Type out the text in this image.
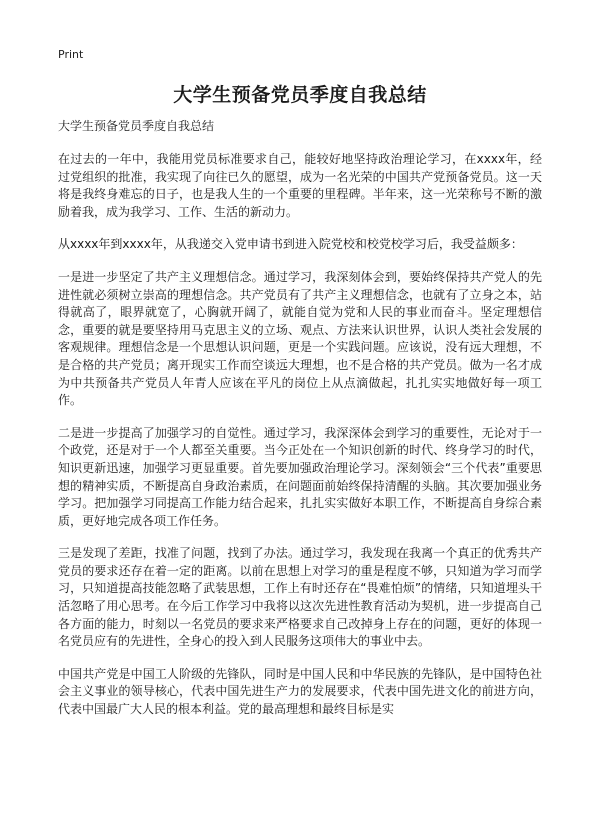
Print
大学生预备党员季度自我总结

大学生预备党员季度自我总结

在过去的一年中，我能用党员标准要求自己，能较好地坚持政治理论学习，在xxxx年，经过党组织的批准，我实现了向往已久的愿望，成为一名光荣的中国共产党预备党员。这一天将是我终身难忘的日子，也是我人生的一个重要的里程碑。半年来，这一光荣称号不断的激励着我，成为我学习、工作、生活的新动力。

从xxxx年到xxxx年，从我递交入党申请书到进入院党校和校党校学习后，我受益颇多：

一是进一步坚定了共产主义理想信念。通过学习，我深刻体会到，要始终保持共产党人的先进性就必须树立崇高的理想信念。共产党员有了共产主义理想信念，也就有了立身之本，站得就高了，眼界就宽了，心胸就开阔了，就能自觉为党和人民的事业而奋斗。坚定理想信念，重要的就是要坚持用马克思主义的立场、观点、方法来认识世界，认识人类社会发展的客观规律。理想信念是一个思想认识问题，更是一个实践问题。应该说，没有远大理想，不是合格的共产党员；离开现实工作而空谈远大理想，也不是合格的共产党员。做为一名才成为中共预备共产党员人年青人应该在平凡的岗位上从点滴做起，扎扎实实地做好每一项工作。

二是进一步提高了加强学习的自觉性。通过学习，我深深体会到学习的重要性，无论对于一个政党，还是对于一个人都至关重要。当今正处在一个知识创新的时代、终身学习的时代，知识更新迅速，加强学习更显重要。首先要加强政治理论学习。深刻领会“三个代表”重要思想的精神实质，不断提高自身政治素质，在问题面前始终保持清醒的头脑。其次要加强业务学习。把加强学习同提高工作能力结合起来，扎扎实实做好本职工作，不断提高自身综合素质，更好地完成各项工作任务。

三是发现了差距，找准了问题，找到了办法。通过学习，我发现在我离一个真正的优秀共产党员的要求还存在着一定的距离。以前在思想上对学习的重是程度不够，只知道为学习而学习，只知道提高技能忽略了武装思想，工作上有时还存在“畏难怕烦”的情绪，只知道埋头干活忽略了用心思考。在今后工作学习中我将以这次先进性教育活动为契机，进一步提高自己各方面的能力，时刻以一名党员的要求来严格要求自己改掉身上存在的问题，更好的体现一名党员应有的先进性，全身心的投入到人民服务这项伟大的事业中去。

中国共产党是中国工人阶级的先锋队，同时是中国人民和中华民族的先锋队，是中国特色社会主义事业的领导核心，代表中国先进生产力的发展要求，代表中国先进文化的前进方向，代表中国最广大人民的根本利益。党的最高理想和最终目标是实
